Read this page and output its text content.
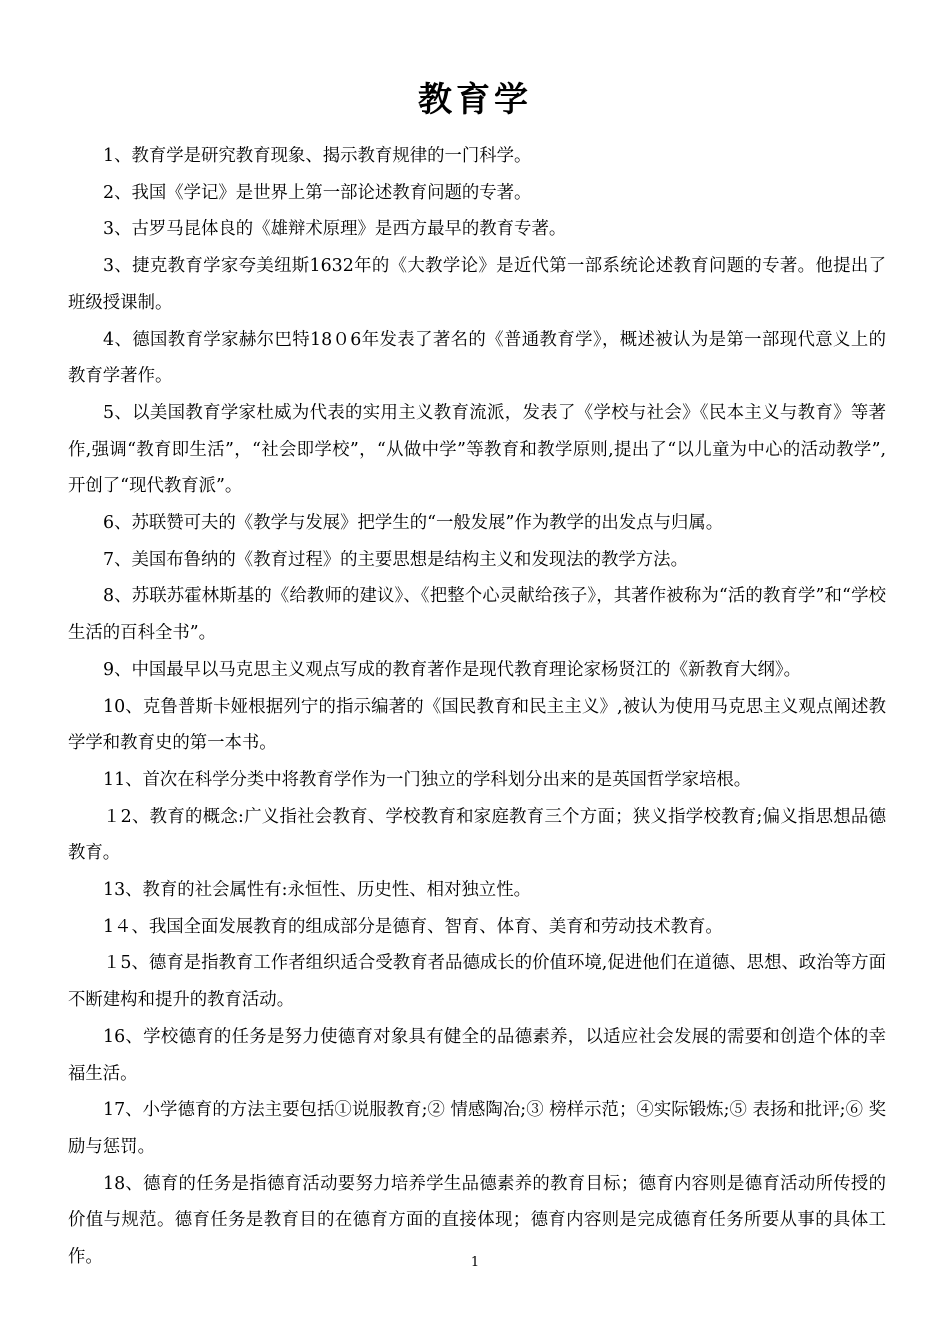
教育学

1、教育学是研究教育现象、揭示教育规律的一门科学。

2、我国《学记》是世界上第一部论述教育问题的专著。

3、古罗马昆体良的《雄辩术原理》是西方最早的教育专著。

3、捷克教育学家夸美纽斯1632年的《大教学论》是近代第一部系统论述教育问题的专著。他提出了班级授课制。

4、德国教育学家赫尔巴特18０6年发表了著名的《普通教育学》，概述被认为是第一部现代意义上的教育学著作。

5、以美国教育学家杜威为代表的实用主义教育流派，发表了《学校与社会》《民本主义与教育》等著作,强调“教育即生活”，“社会即学校”，“从做中学”等教育和教学原则,提出了“以儿童为中心的活动教学”,开创了“现代教育派”。

6、苏联赞可夫的《教学与发展》把学生的“一般发展”作为教学的出发点与归属。

7、美国布鲁纳的《教育过程》的主要思想是结构主义和发现法的教学方法。

8、苏联苏霍林斯基的《给教师的建议》、《把整个心灵献给孩子》，其著作被称为“活的教育学”和“学校生活的百科全书”。

9、中国最早以马克思主义观点写成的教育著作是现代教育理论家杨贤江的《新教育大纲》。

10、克鲁普斯卡娅根据列宁的指示编著的《国民教育和民主主义》,被认为使用马克思主义观点阐述教学学和教育史的第一本书。

11、首次在科学分类中将教育学作为一门独立的学科划分出来的是英国哲学家培根。

１2、教育的概念:广义指社会教育、学校教育和家庭教育三个方面；狭义指学校教育;偏义指思想品德教育。

13、教育的社会属性有:永恒性、历史性、相对独立性。

1４、我国全面发展教育的组成部分是德育、智育、体育、美育和劳动技术教育。

１5、德育是指教育工作者组织适合受教育者品德成长的价值环境,促进他们在道德、思想、政治等方面不断建构和提升的教育活动。

16、学校德育的任务是努力使德育对象具有健全的品德素养，以适应社会发展的需要和创造个体的幸福生活。

17、小学德育的方法主要包括①说服教育;② 情感陶冶;③ 榜样示范；④实际锻炼;⑤ 表扬和批评;⑥ 奖励与惩罚。

18、德育的任务是指德育活动要努力培养学生品德素养的教育目标；德育内容则是德育活动所传授的价值与规范。德育任务是教育目的在德育方面的直接体现；德育内容则是完成德育任务所要从事的具体工作。	1
